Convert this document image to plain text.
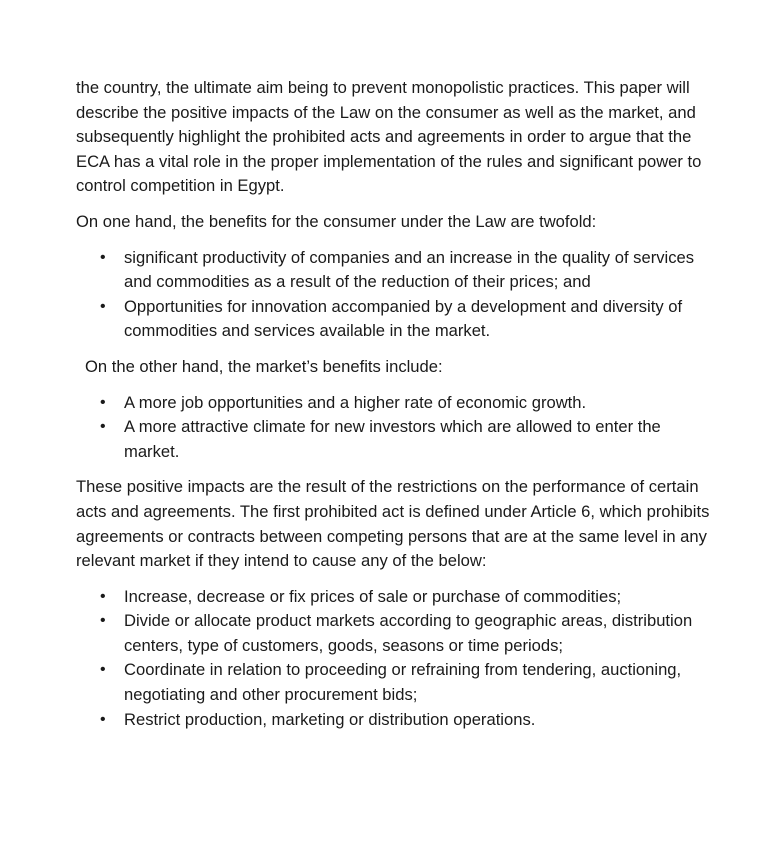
the country, the ultimate aim being to prevent monopolistic practices. This paper will describe the positive impacts of the Law on the consumer as well as the market, and subsequently highlight the prohibited acts and agreements in order to argue that the ECA has a vital role in the proper implementation of the rules and significant power to control competition in Egypt.

On one hand, the benefits for the consumer under the Law are twofold:

• significant productivity of companies and an increase in the quality of services and commodities as a result of the reduction of their prices; and
• Opportunities for innovation accompanied by a development and diversity of commodities and services available in the market.

On the other hand, the market’s benefits include:

• A more job opportunities and a higher rate of economic growth.
• A more attractive climate for new investors which are allowed to enter the market.

These positive impacts are the result of the restrictions on the performance of certain acts and agreements. The first prohibited act is defined under Article 6, which prohibits agreements or contracts between competing persons that are at the same level in any relevant market if they intend to cause any of the below:

• Increase, decrease or fix prices of sale or purchase of commodities;
• Divide or allocate product markets according to geographic areas, distribution centers, type of customers, goods, seasons or time periods;
• Coordinate in relation to proceeding or refraining from tendering, auctioning, negotiating and other procurement bids;
• Restrict production, marketing or distribution operations.
